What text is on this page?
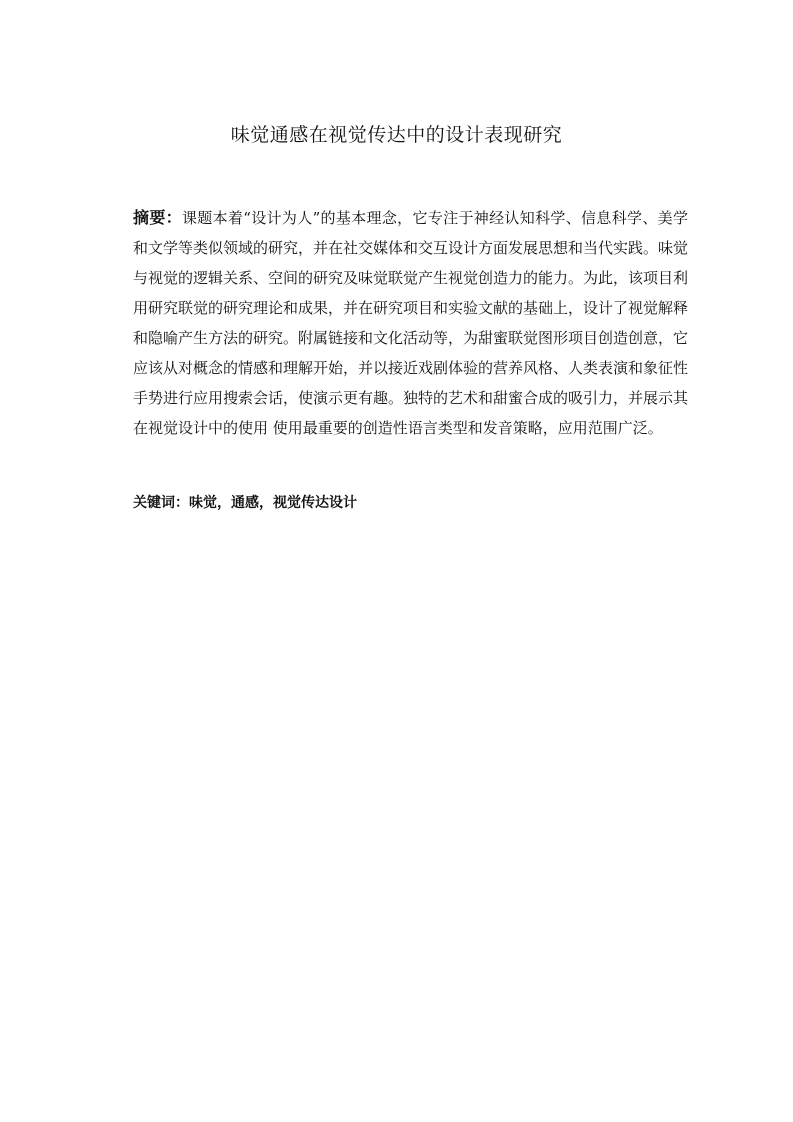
味觉通感在视觉传达中的设计表现研究

摘要：课题本着“设计为人”的基本理念，它专注于神经认知科学、信息科学、美学和文学等类似领域的研究，并在社交媒体和交互设计方面发展思想和当代实践。味觉与视觉的逻辑关系、空间的研究及味觉联觉产生视觉创造力的能力。为此，该项目利用研究联觉的研究理论和成果，并在研究项目和实验文献的基础上，设计了视觉解释和隐喻产生方法的研究。附属链接和文化活动等，为甜蜜联觉图形项目创造创意，它应该从对概念的情感和理解开始，并以接近戏剧体验的营养风格、人类表演和象征性手势进行应用搜索会话，使演示更有趣。独特的艺术和甜蜜合成的吸引力，并展示其在视觉设计中的使用 使用最重要的创造性语言类型和发音策略，应用范围广泛。

关键词：味觉，通感，视觉传达设计
